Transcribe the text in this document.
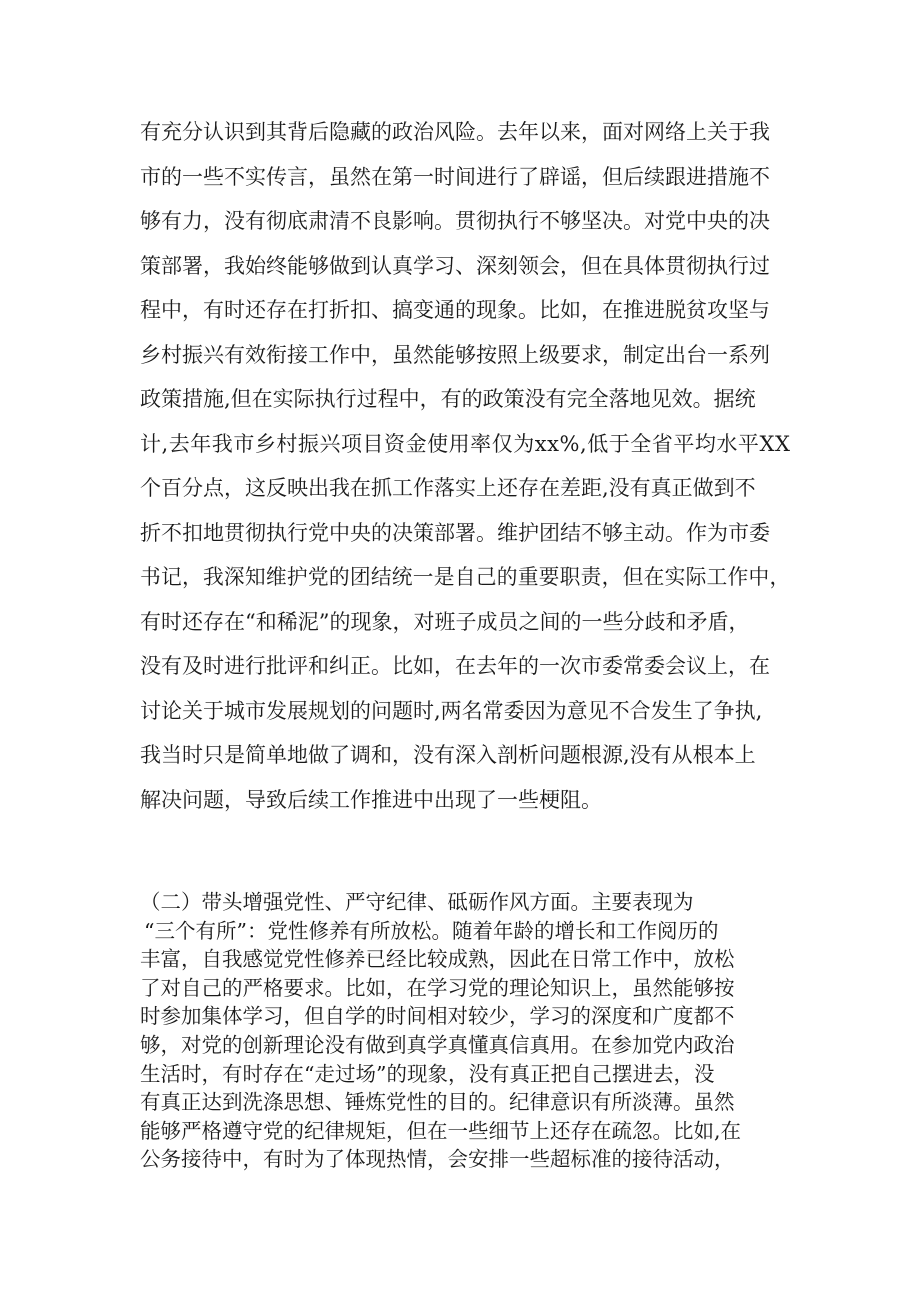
有充分认识到其背后隐藏的政治风险。去年以来，面对网络上关于我
市的一些不实传言，虽然在第一时间进行了辟谣，但后续跟进措施不
够有力，没有彻底肃清不良影响。贯彻执行不够坚决。对党中央的决
策部署，我始终能够做到认真学习、深刻领会，但在具体贯彻执行过
程中，有时还存在打折扣、搞变通的现象。比如，在推进脱贫攻坚与
乡村振兴有效衔接工作中，虽然能够按照上级要求，制定出台一系列
政策措施,但在实际执行过程中，有的政策没有完全落地见效。据统
计,去年我市乡村振兴项目资金使用率仅为xx%,低于全省平均水平XX
个百分点，这反映出我在抓工作落实上还存在差距,没有真正做到不
折不扣地贯彻执行党中央的决策部署。维护团结不够主动。作为市委
书记，我深知维护党的团结统一是自己的重要职责，但在实际工作中，
有时还存在“和稀泥”的现象，对班子成员之间的一些分歧和矛盾，
没有及时进行批评和纠正。比如，在去年的一次市委常委会议上，在
讨论关于城市发展规划的问题时,两名常委因为意见不合发生了争执,
我当时只是简单地做了调和，没有深入剖析问题根源,没有从根本上
解决问题，导致后续工作推进中出现了一些梗阻。
（二）带头增强党性、严守纪律、砥砺作风方面。主要表现为
“三个有所”：党性修养有所放松。随着年龄的增长和工作阅历的
丰富，自我感觉党性修养已经比较成熟，因此在日常工作中，放松
了对自己的严格要求。比如，在学习党的理论知识上，虽然能够按
时参加集体学习，但自学的时间相对较少，学习的深度和广度都不
够，对党的创新理论没有做到真学真懂真信真用。在参加党内政治
生活时，有时存在“走过场”的现象，没有真正把自己摆进去，没
有真正达到洗涤思想、锤炼党性的目的。纪律意识有所淡薄。虽然
能够严格遵守党的纪律规矩，但在一些细节上还存在疏忽。比如,在
公务接待中，有时为了体现热情，会安排一些超标准的接待活动，
